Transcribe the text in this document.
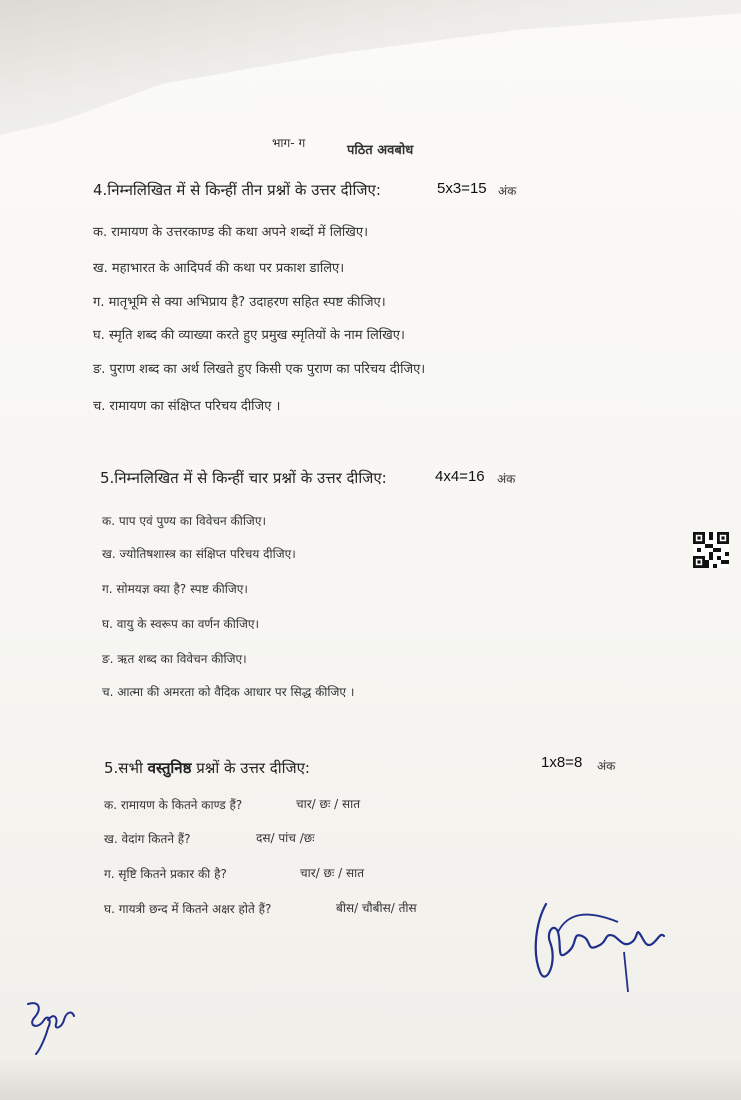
भाग- ग	पठित अवबोध
4.निम्नलिखित में से किन्हीं तीन प्रश्नों के उत्तर दीजिए:	5x3=15 अंक
क. रामायण के उत्तरकाण्ड की कथा अपने शब्दों में लिखिए।
ख. महाभारत के आदिपर्व की कथा पर प्रकाश डालिए।
ग. मातृभूमि से क्या अभिप्राय है? उदाहरण सहित स्पष्ट कीजिए।
घ. स्मृति शब्द की व्याख्या करते हुए प्रमुख स्मृतियों के नाम लिखिए।
ङ. पुराण शब्द का अर्थ लिखते हुए किसी एक पुराण का परिचय दीजिए।
च. रामायण का संक्षिप्त परिचय दीजिए ।
5.निम्नलिखित में से किन्हीं चार प्रश्नों के उत्तर दीजिए:	4x4=16 अंक
क. पाप एवं पुण्य का विवेचन कीजिए।
ख. ज्योतिषशास्त्र का संक्षिप्त परिचय दीजिए।
ग. सोमयज्ञ क्या है? स्पष्ट कीजिए।
घ. वायु के स्वरूप का वर्णन कीजिए।
ङ. ऋत शब्द का विवेचन कीजिए।
च. आत्मा की अमरता को वैदिक आधार पर सिद्ध कीजिए ।
5.सभी वस्तुनिष्ठ प्रश्नों के उत्तर दीजिए:	1x8=8 अंक
क. रामायण के कितने काण्ड हैं?	चार/ छः / सात
ख. वेदांग कितने हैं?	दस/ पांच /छः
ग. सृष्टि कितने प्रकार की है?	चार/ छः / सात
घ. गायत्री छन्द में कितने अक्षर होते हैं?	बीस/ चौबीस/ तीस
